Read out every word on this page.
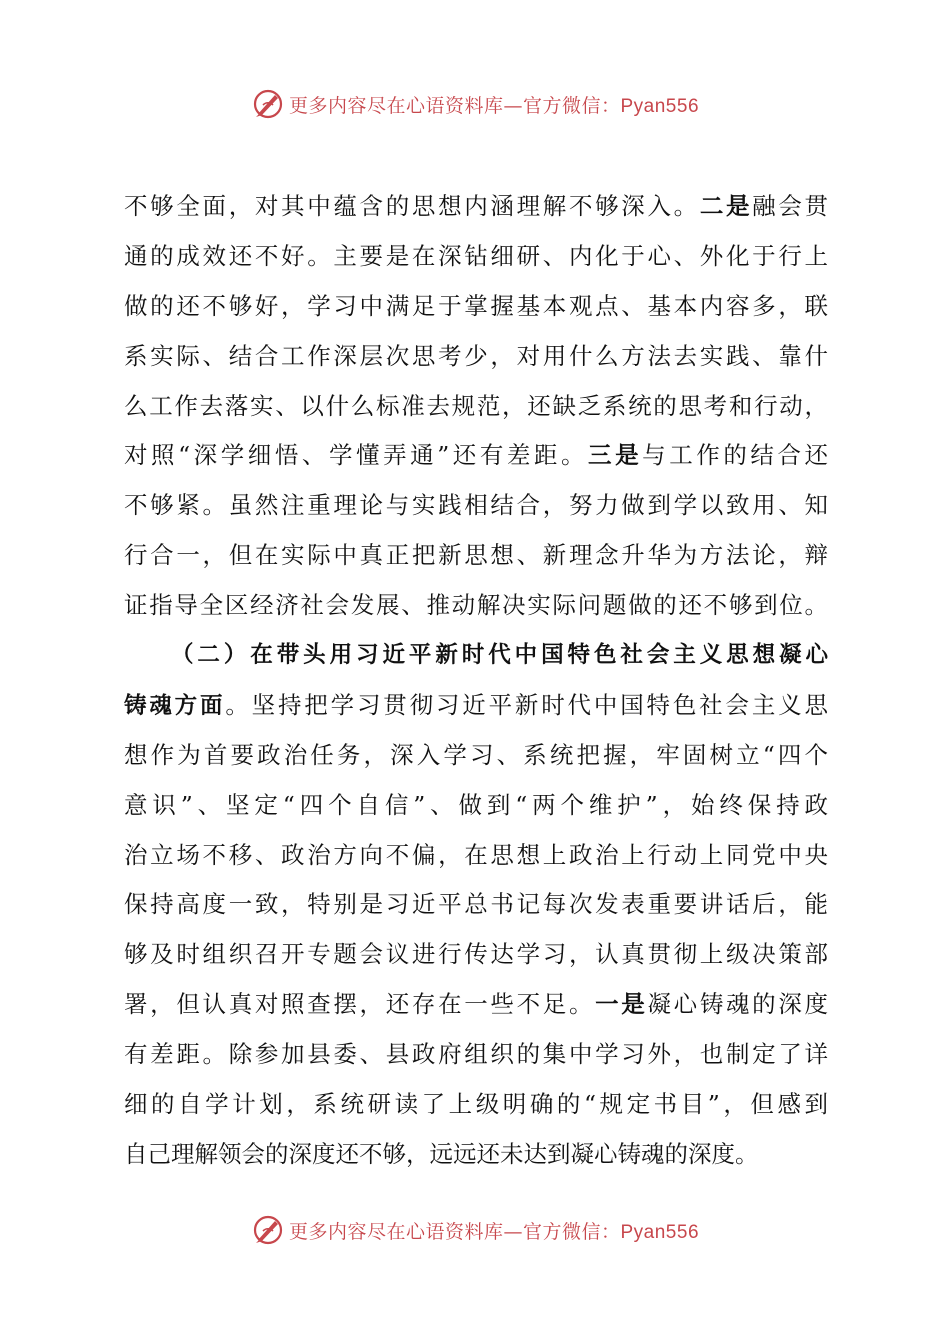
更多内容尽在心语资料库—官方微信：Pyan556
不够全面，对其中蕴含的思想内涵理解不够深入。二是融会贯
通的成效还不好。主要是在深钻细研、内化于心、外化于行上
做的还不够好，学习中满足于掌握基本观点、基本内容多，联
系实际、结合工作深层次思考少，对用什么方法去实践、靠什
么工作去落实、以什么标准去规范，还缺乏系统的思考和行动，
对照“深学细悟、学懂弄通”还有差距。三是与工作的结合还
不够紧。虽然注重理论与实践相结合，努力做到学以致用、知
行合一，但在实际中真正把新思想、新理念升华为方法论，辩
证指导全区经济社会发展、推动解决实际问题做的还不够到位。
（二）在带头用习近平新时代中国特色社会主义思想凝心
铸魂方面。坚持把学习贯彻习近平新时代中国特色社会主义思
想作为首要政治任务，深入学习、系统把握，牢固树立“四个
意识”、坚定“四个自信”、做到“两个维护”，始终保持政
治立场不移、政治方向不偏，在思想上政治上行动上同党中央
保持高度一致，特别是习近平总书记每次发表重要讲话后，能
够及时组织召开专题会议进行传达学习，认真贯彻上级决策部
署，但认真对照查摆，还存在一些不足。一是凝心铸魂的深度
有差距。除参加县委、县政府组织的集中学习外，也制定了详
细的自学计划，系统研读了上级明确的“规定书目”，但感到
自己理解领会的深度还不够，远远还未达到凝心铸魂的深度。
更多内容尽在心语资料库—官方微信：Pyan556
